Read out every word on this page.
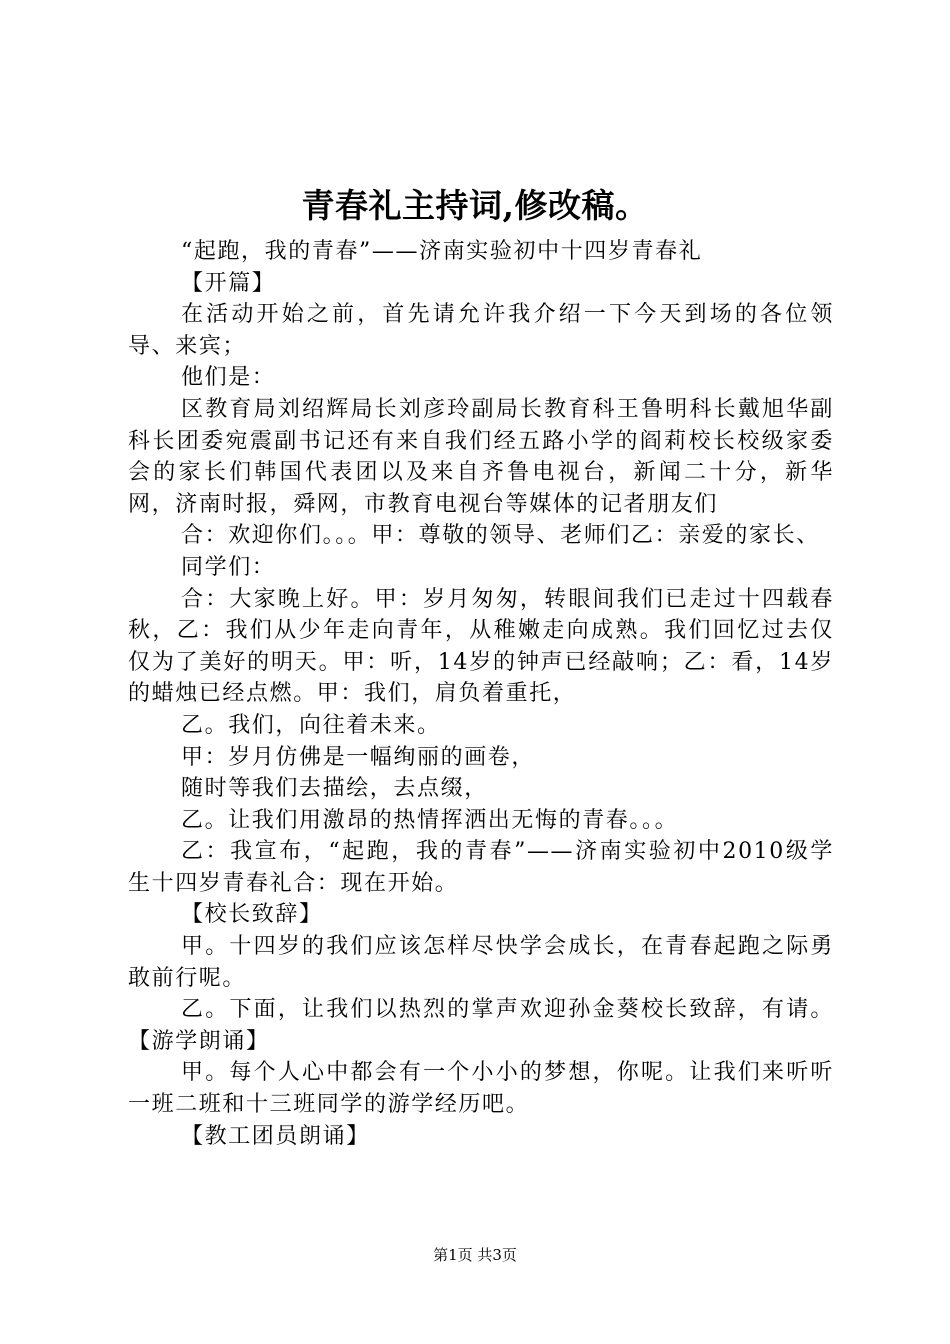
青春礼主持词,修改稿。

“起跑，我的青春”——济南实验初中十四岁青春礼

【开篇】

在活动开始之前，首先请允许我介绍一下今天到场的各位领导、来宾；

他们是：

区教育局刘绍辉局长刘彦玲副局长教育科王鲁明科长戴旭华副科长团委宛震副书记还有来自我们经五路小学的阎莉校长校级家委会的家长们韩国代表团以及来自齐鲁电视台，新闻二十分，新华网，济南时报，舜网，市教育电视台等媒体的记者朋友们

合：欢迎你们。。。甲：尊敬的领导、老师们乙：亲爱的家长、

同学们：

合：大家晚上好。甲：岁月匆匆，转眼间我们已走过十四载春秋，乙：我们从少年走向青年，从稚嫩走向成熟。我们回忆过去仅仅为了美好的明天。甲：听，14岁的钟声已经敲响；乙：看，14岁的蜡烛已经点燃。甲：我们，肩负着重托，

乙。我们，向往着未来。

甲：岁月仿佛是一幅绚丽的画卷，

随时等我们去描绘，去点缀，

乙。让我们用激昂的热情挥洒出无悔的青春。。。

乙：我宣布，“起跑，我的青春”——济南实验初中2010级学生十四岁青春礼合：现在开始。

【校长致辞】

甲。十四岁的我们应该怎样尽快学会成长，在青春起跑之际勇敢前行呢。

乙。下面，让我们以热烈的掌声欢迎孙金葵校长致辞，有请。【游学朗诵】

甲。每个人心中都会有一个小小的梦想，你呢。让我们来听听一班二班和十三班同学的游学经历吧。

【教工团员朗诵】

第1页 共3页
